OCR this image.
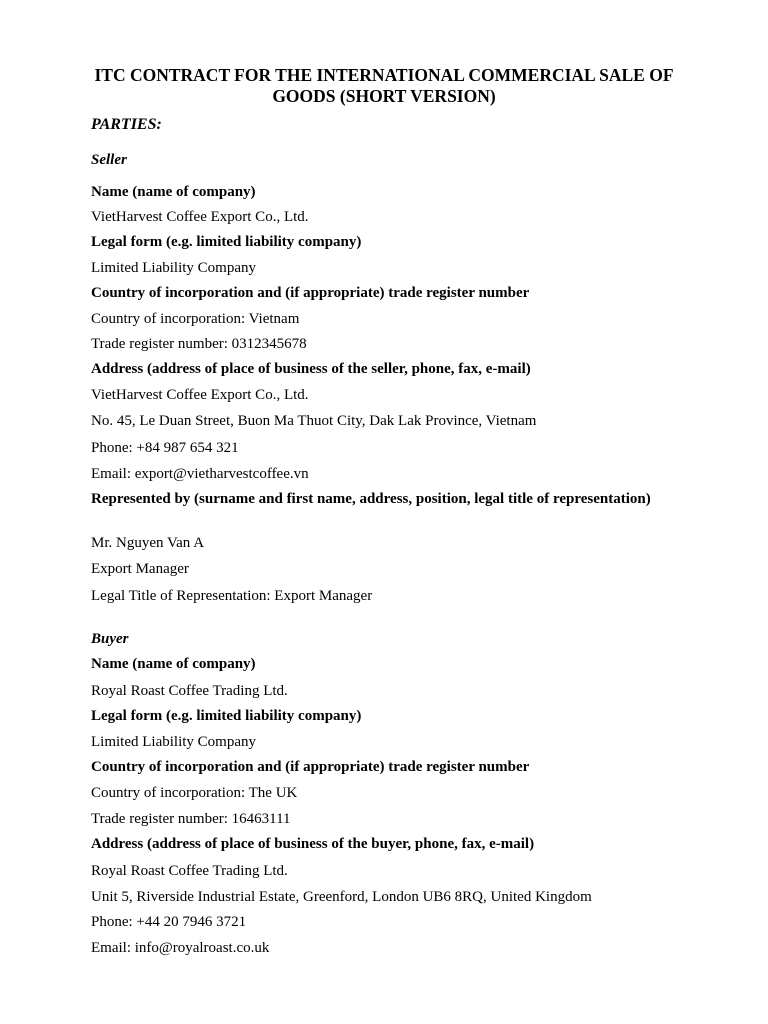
ITC CONTRACT FOR THE INTERNATIONAL COMMERCIAL SALE OF GOODS (SHORT VERSION)
PARTIES:
Seller
Name (name of company)
VietHarvest Coffee Export Co., Ltd.
Legal form (e.g. limited liability company)
Limited Liability Company
Country of incorporation and (if appropriate) trade register number
Country of incorporation: Vietnam
Trade register number: 0312345678
Address (address of place of business of the seller, phone, fax, e-mail)
VietHarvest Coffee Export Co., Ltd.
No. 45, Le Duan Street, Buon Ma Thuot City, Dak Lak Province, Vietnam
Phone: +84 987 654 321
Email: export@vietharvestcoffee.vn
Represented by (surname and first name, address, position, legal title of representation)
Mr. Nguyen Van A
Export Manager
Legal Title of Representation: Export Manager
Buyer
Name (name of company)
Royal Roast Coffee Trading Ltd.
Legal form (e.g. limited liability company)
Limited Liability Company
Country of incorporation and (if appropriate) trade register number
Country of incorporation: The UK
Trade register number: 16463111
Address (address of place of business of the buyer, phone, fax, e-mail)
Royal Roast Coffee Trading Ltd.
Unit 5, Riverside Industrial Estate, Greenford, London UB6 8RQ, United Kingdom
Phone: +44 20 7946 3721
Email: info@royalroast.co.uk
